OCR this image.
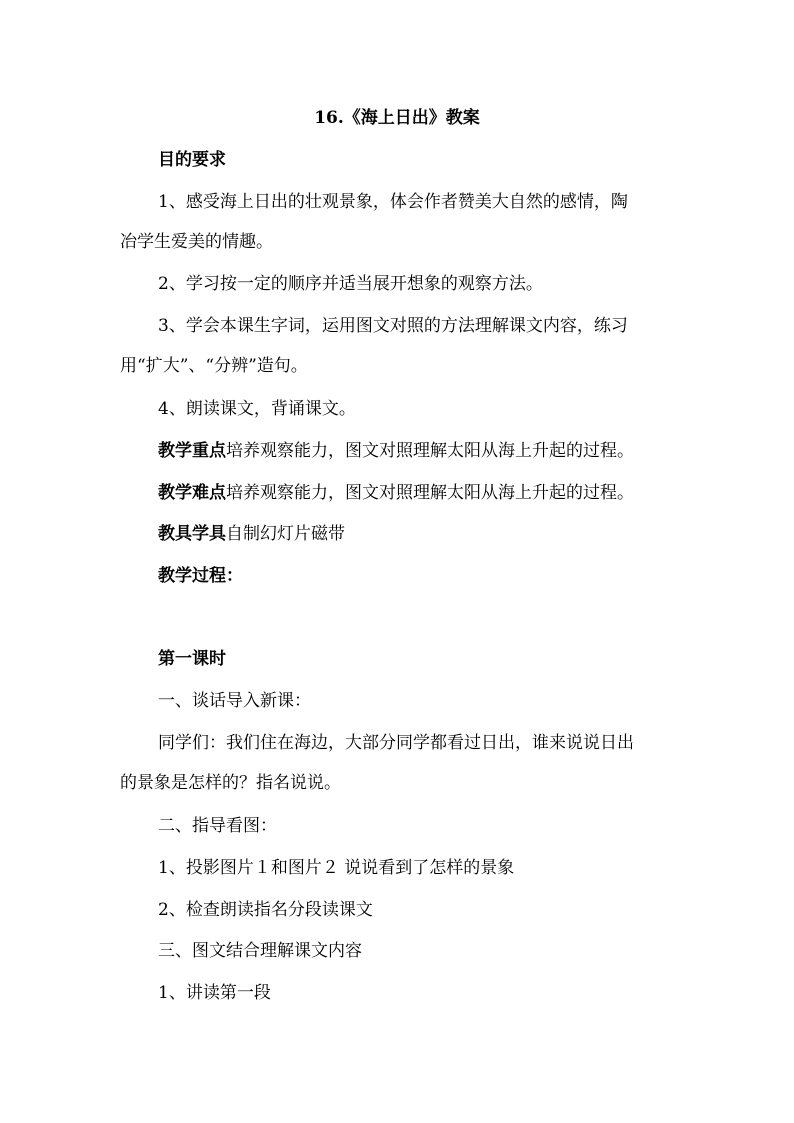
16.《海上日出》教案
目的要求
1、感受海上日出的壮观景象，体会作者赞美大自然的感情，陶
冶学生爱美的情趣。
2、学习按一定的顺序并适当展开想象的观察方法。
3、学会本课生字词，运用图文对照的方法理解课文内容，练习
用“扩大”、“分辨”造句。
4、朗读课文，背诵课文。
教学重点培养观察能力，图文对照理解太阳从海上升起的过程。
教学难点培养观察能力，图文对照理解太阳从海上升起的过程。
教具学具自制幻灯片磁带
教学过程：
第一课时
一、谈话导入新课：
同学们：我们住在海边，大部分同学都看过日出，谁来说说日出
的景象是怎样的？指名说说。
二、指导看图：
1、投影图片１和图片２ 说说看到了怎样的景象
2、检查朗读指名分段读课文
三、图文结合理解课文内容
1、讲读第一段
